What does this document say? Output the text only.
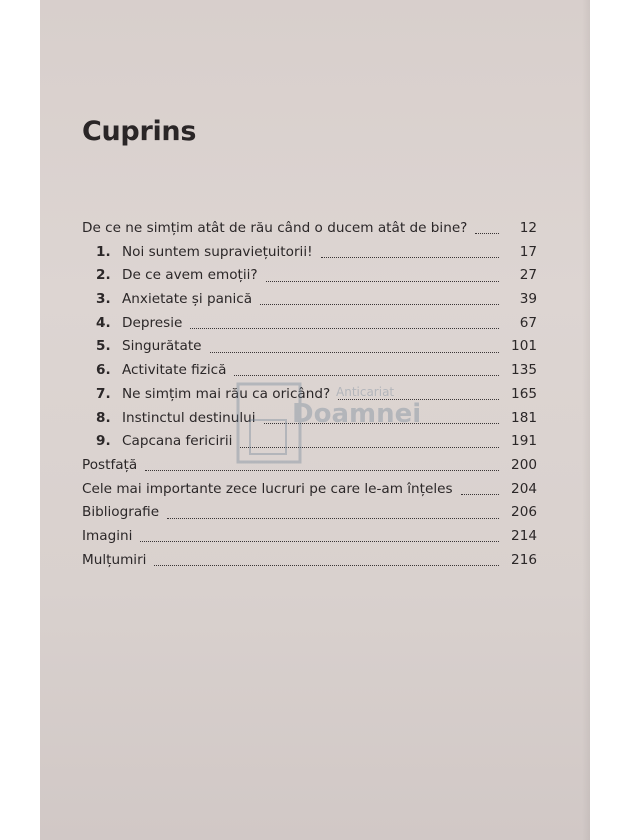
Cuprins
De ce ne simțim atât de rău când o ducem atât de bine?	12
1. Noi suntem supraviețuitorii!	17
2. De ce avem emoții?	27
3. Anxietate și panică	39
4. Depresie	67
5. Singurătate	101
6. Activitate fizică	135
7. Ne simțim mai rău ca oricând?	165
8. Instinctul destinului	181
9. Capcana fericirii	191
Postfață	200
Cele mai importante zece lucruri pe care le-am înțeles	204
Bibliografie	206
Imagini	214
Mulțumiri	216
Anticariat
Doamnei
